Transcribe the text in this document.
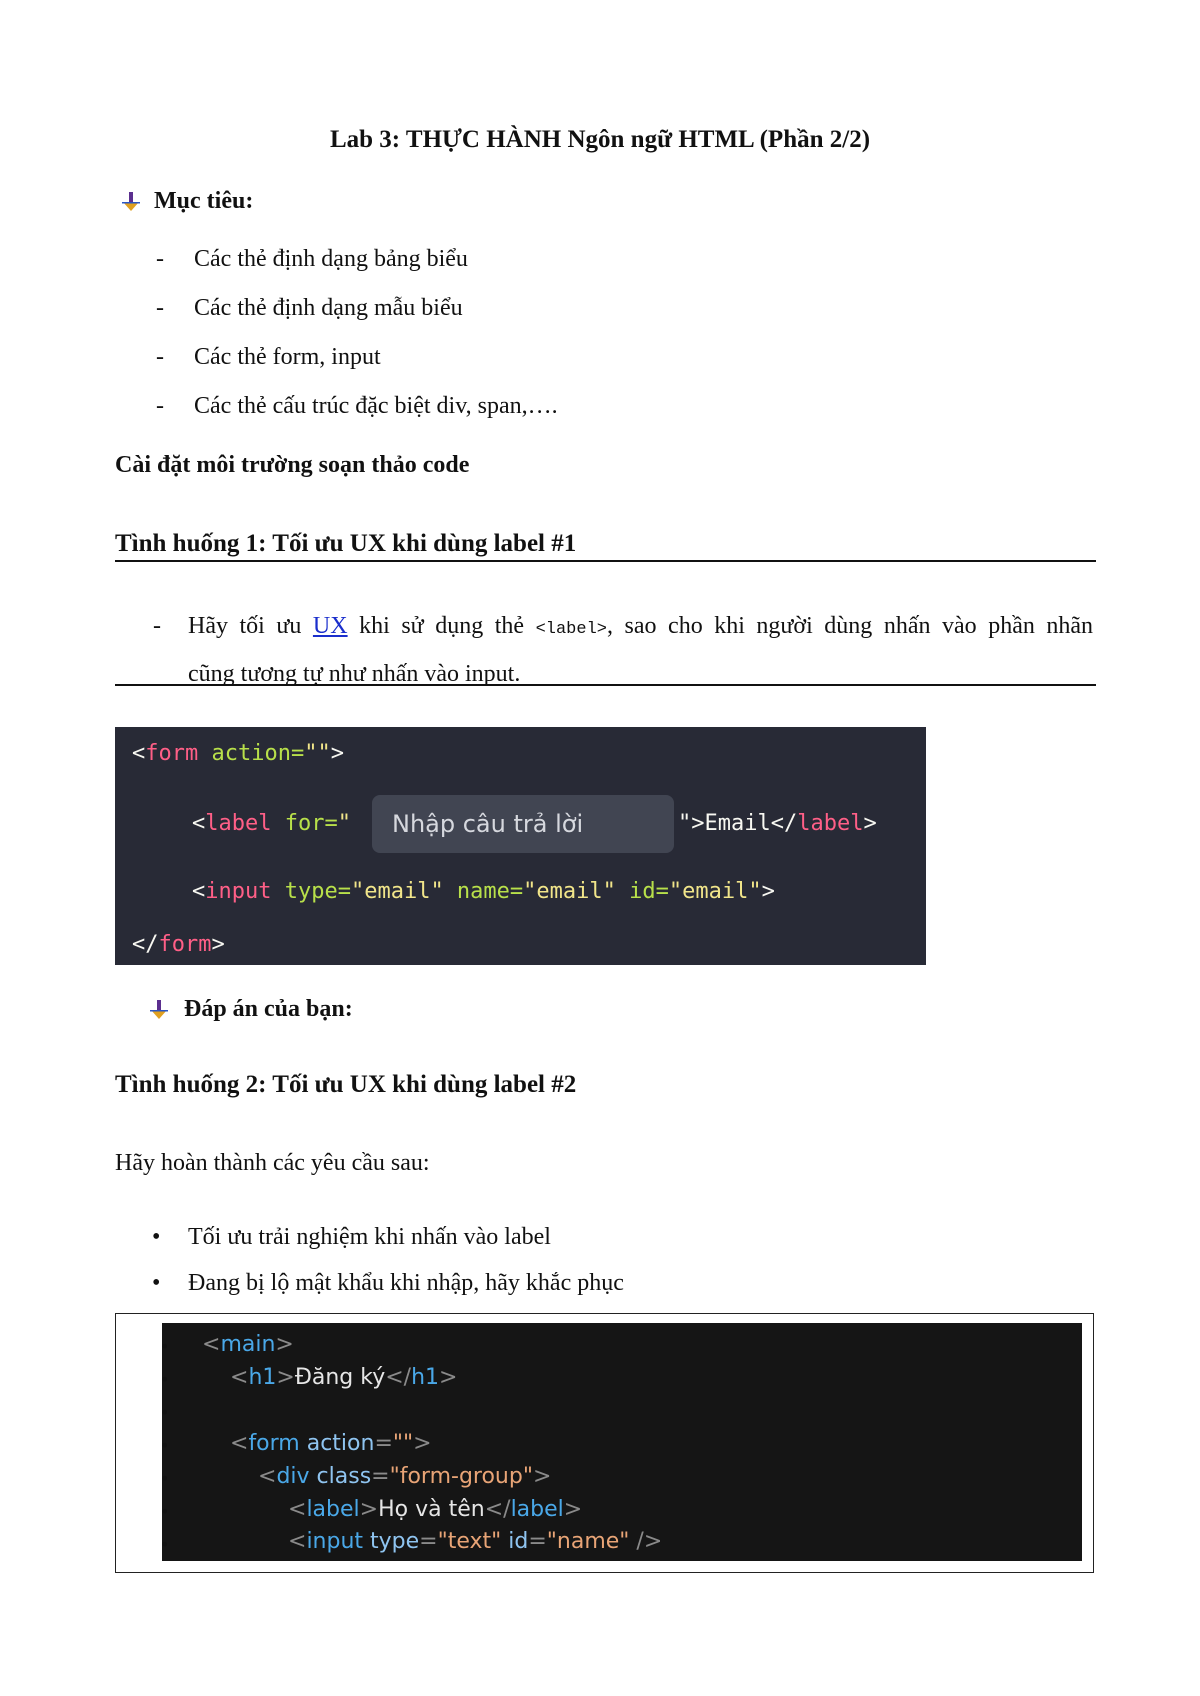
Lab 3: THỰC HÀNH Ngôn ngữ HTML (Phần 2/2)
Mục tiêu:
-	Các thẻ định dạng bảng biểu
-	Các thẻ định dạng mẫu biểu
-	Các thẻ form, input
-	Các thẻ cấu trúc đặc biệt div, span,….
Cài đặt môi trường soạn thảo code
Tình huống 1: Tối ưu UX khi dùng label #1
- Hãy tối ưu UX khi sử dụng thẻ <label>, sao cho khi người dùng nhấn vào phần nhãn
cũng tương tự như nhấn vào input.
<form action="">
<label for="	Nhập câu trả lời	">Email</label>
<input type="email" name="email" id="email">
</form>
Đáp án của bạn:
Tình huống 2: Tối ưu UX khi dùng label #2
Hãy hoàn thành các yêu cầu sau:
•	Tối ưu trải nghiệm khi nhấn vào label
•	Đang bị lộ mật khẩu khi nhập, hãy khắc phục
<main>
<h1>Đăng ký</h1>
<form action="">
<div class="form-group">
<label>Họ và tên</label>
<input type="text" id="name" />
•
•
•
•
•
•
•
